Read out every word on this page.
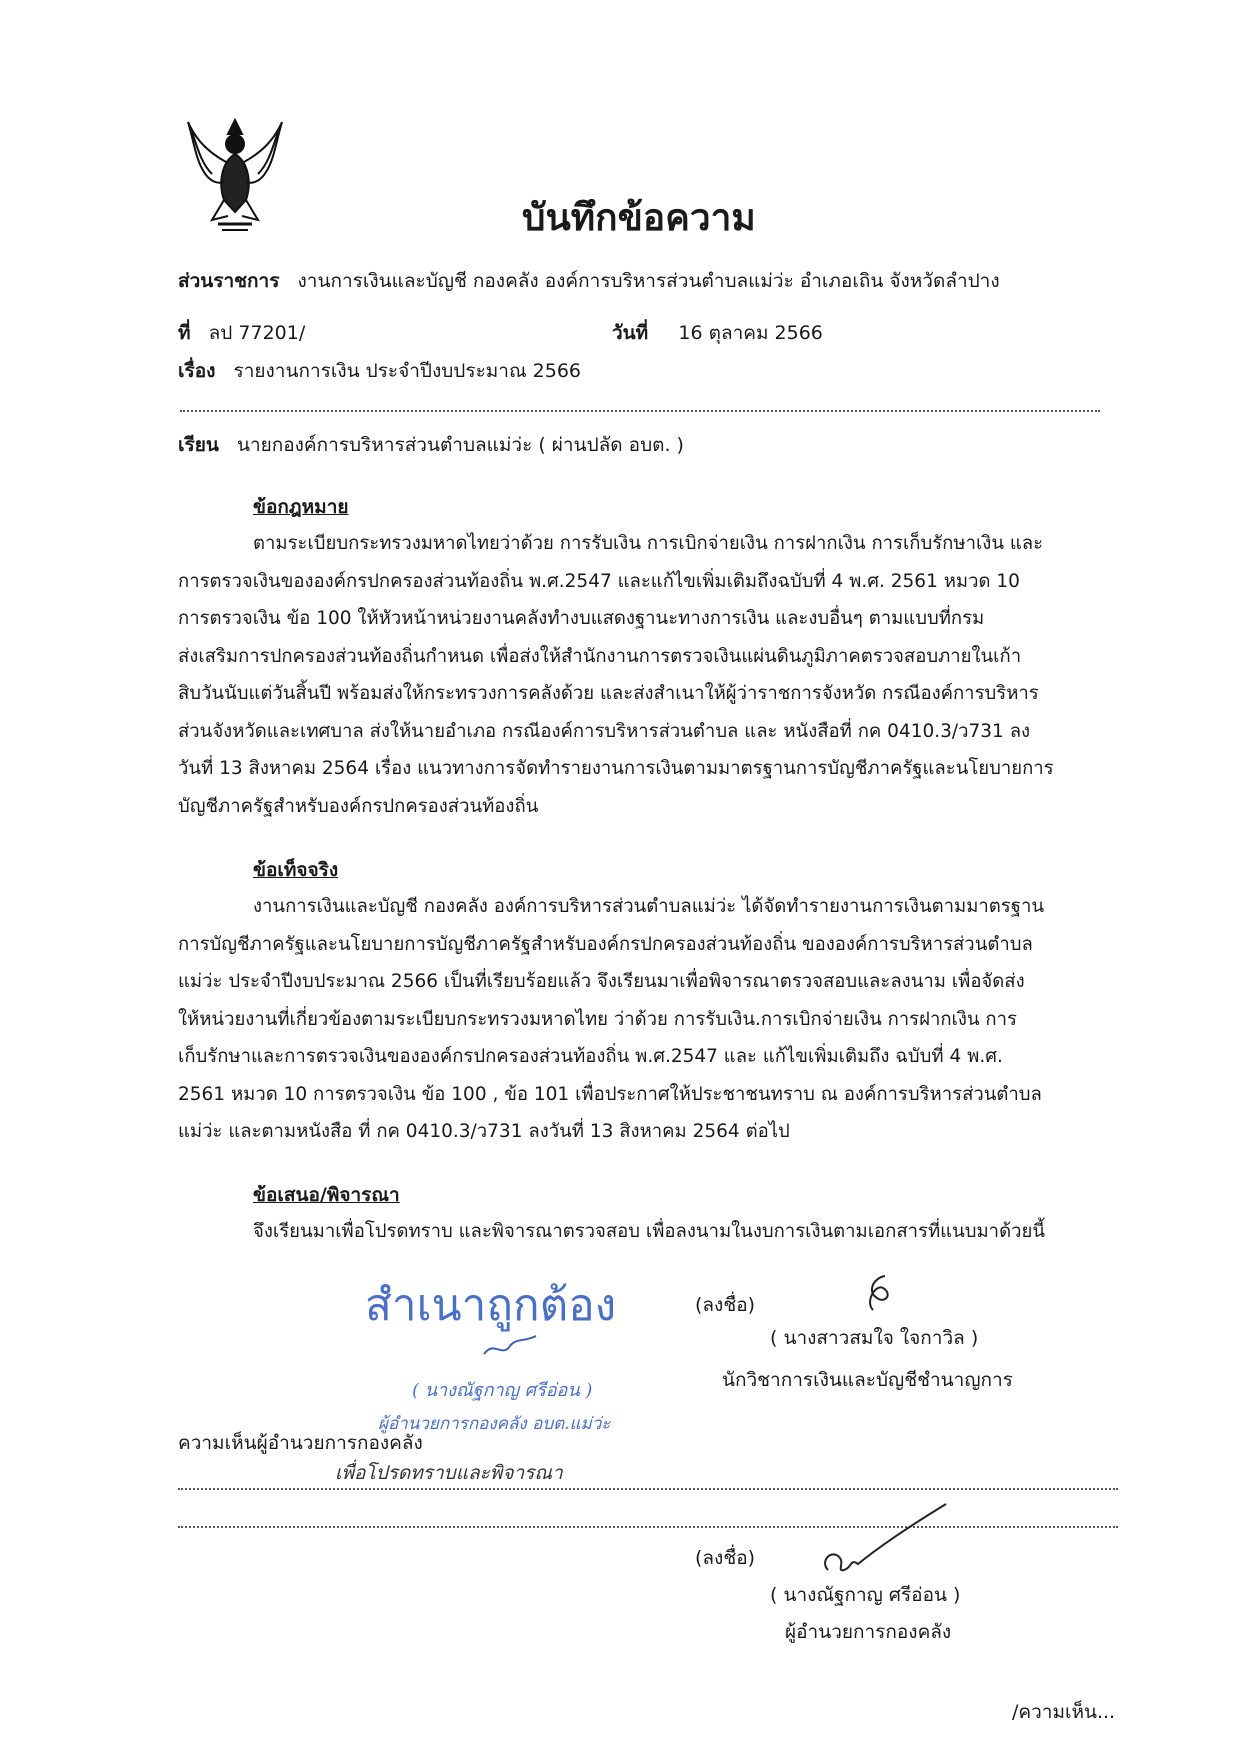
บันทึกข้อความ
ส่วนราชการ งานการเงินและบัญชี กองคลัง องค์การบริหารส่วนตำบลแม่ว่ะ อำเภอเถิน จังหวัดลำปาง
ที่ ลป 77201/	วันที่ 16 ตุลาคม 2566
เรื่อง รายงานการเงิน ประจำปีงบประมาณ 2566
เรียน นายกองค์การบริหารส่วนตำบลแม่ว่ะ ( ผ่านปลัด อบต. )
ข้อกฎหมาย
ตามระเบียบกระทรวงมหาดไทยว่าด้วย การรับเงิน การเบิกจ่ายเงิน การฝากเงิน การเก็บรักษาเงิน และ
การตรวจเงินขององค์กรปกครองส่วนท้องถิ่น พ.ศ.2547 และแก้ไขเพิ่มเติมถึงฉบับที่ 4 พ.ศ. 2561 หมวด 10
การตรวจเงิน ข้อ 100 ให้หัวหน้าหน่วยงานคลังทำงบแสดงฐานะทางการเงิน และงบอื่นๆ ตามแบบที่กรม
ส่งเสริมการปกครองส่วนท้องถิ่นกำหนด เพื่อส่งให้สำนักงานการตรวจเงินแผ่นดินภูมิภาคตรวจสอบภายในเก้า
สิบวันนับแต่วันสิ้นปี พร้อมส่งให้กระทรวงการคลังด้วย และส่งสำเนาให้ผู้ว่าราชการจังหวัด กรณีองค์การบริหาร
ส่วนจังหวัดและเทศบาล ส่งให้นายอำเภอ กรณีองค์การบริหารส่วนตำบล และ หนังสือที่ กค 0410.3/ว731 ลง
วันที่ 13 สิงหาคม 2564 เรื่อง แนวทางการจัดทำรายงานการเงินตามมาตรฐานการบัญชีภาครัฐและนโยบายการ
บัญชีภาครัฐสำหรับองค์กรปกครองส่วนท้องถิ่น
ข้อเท็จจริง
งานการเงินและบัญชี กองคลัง องค์การบริหารส่วนตำบลแม่ว่ะ ได้จัดทำรายงานการเงินตามมาตรฐาน
การบัญชีภาครัฐและนโยบายการบัญชีภาครัฐสำหรับองค์กรปกครองส่วนท้องถิ่น ขององค์การบริหารส่วนตำบล
แม่ว่ะ ประจำปีงบประมาณ 2566 เป็นที่เรียบร้อยแล้ว จึงเรียนมาเพื่อพิจารณาตรวจสอบและลงนาม เพื่อจัดส่ง
ให้หน่วยงานที่เกี่ยวข้องตามระเบียบกระทรวงมหาดไทย ว่าด้วย การรับเงิน.การเบิกจ่ายเงิน การฝากเงิน การ
เก็บรักษาและการตรวจเงินขององค์กรปกครองส่วนท้องถิ่น พ.ศ.2547 และ แก้ไขเพิ่มเติมถึง ฉบับที่ 4 พ.ศ.
2561 หมวด 10 การตรวจเงิน ข้อ 100 , ข้อ 101 เพื่อประกาศให้ประชาชนทราบ ณ องค์การบริหารส่วนตำบล
แม่ว่ะ และตามหนังสือ ที่ กค 0410.3/ว731 ลงวันที่ 13 สิงหาคม 2564 ต่อไป
ข้อเสนอ/พิจารณา
จึงเรียนมาเพื่อโปรดทราบ และพิจารณาตรวจสอบ เพื่อลงนามในงบการเงินตามเอกสารที่แนบมาด้วยนี้
สำเนาถูกต้อง
( นางณัฐกาญ ศรีอ่อน )
ผู้อำนวยการกองคลัง อบต.แม่ว่ะ
(ลงชื่อ)
( นางสาวสมใจ ใจกาวิล )
นักวิชาการเงินและบัญชีชำนาญการ
ความเห็นผู้อำนวยการกองคลัง
เพื่อโปรดทราบและพิจารณา
(ลงชื่อ)
( นางณัฐกาญ ศรีอ่อน )
ผู้อำนวยการกองคลัง
/ความเห็น...
